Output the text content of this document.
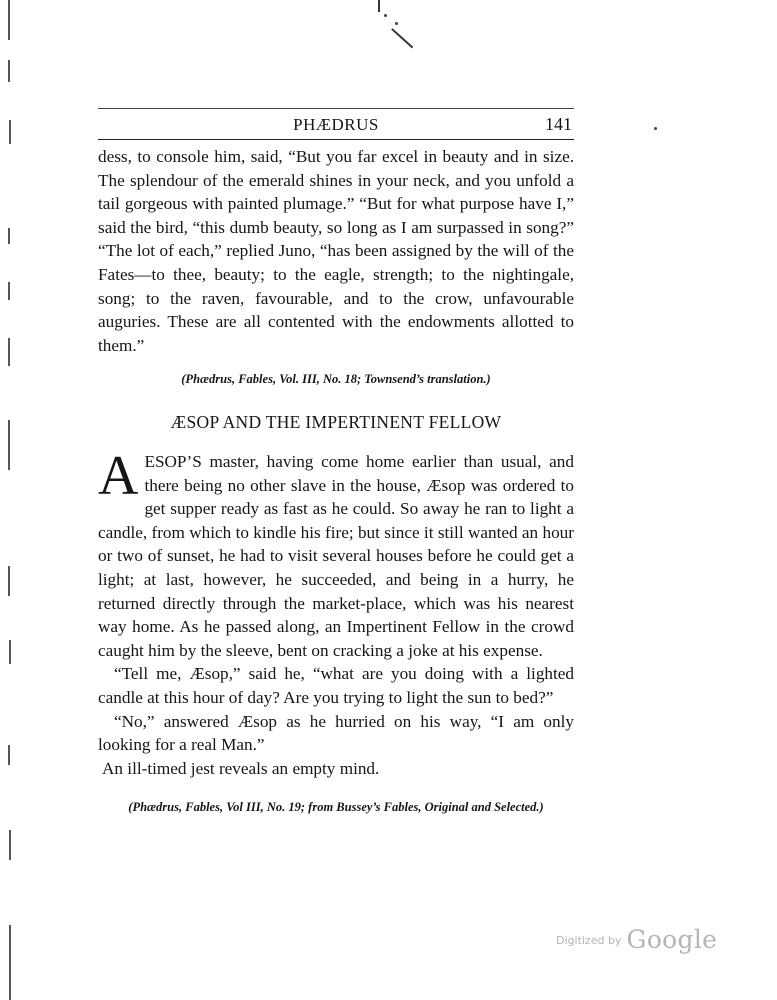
PHÆDRUS	141

dess, to console him, said, “But you far excel in beauty and in size. The splendour of the emerald shines in your neck, and you unfold a tail gorgeous with painted plumage.” “But for what purpose have I,” said the bird, “this dumb beauty, so long as I am surpassed in song?” “The lot of each,” replied Juno, “has been assigned by the will of the Fates—to thee, beauty; to the eagle, strength; to the nightingale, song; to the raven, favourable, and to the crow, unfavourable auguries. These are all contented with the endowments allotted to them.”

(Phædrus, Fables, Vol. III, No. 18; Townsend’s translation.)
ÆSOP AND THE IMPERTINENT FELLOW

AESOP’S master, having come home earlier than usual, and there being no other slave in the house, Æsop was ordered to get supper ready as fast as he could. So away he ran to light a candle, from which to kindle his fire; but since it still wanted an hour or two of sunset, he had to visit several houses before he could get a light; at last, however, he succeeded, and being in a hurry, he returned directly through the market-place, which was his nearest way home. As he passed along, an Impertinent Fellow in the crowd caught him by the sleeve, bent on cracking a joke at his expense.

“Tell me, Æsop,” said he, “what are you doing with a lighted candle at this hour of day? Are you trying to light the sun to bed?”

“No,” answered Æsop as he hurried on his way, “I am only looking for a real Man.”

An ill-timed jest reveals an empty mind.

(Phædrus, Fables, Vol III, No. 19; from Bussey’s Fables, Original and Selected.)
$^{Digitized by}$ Google
